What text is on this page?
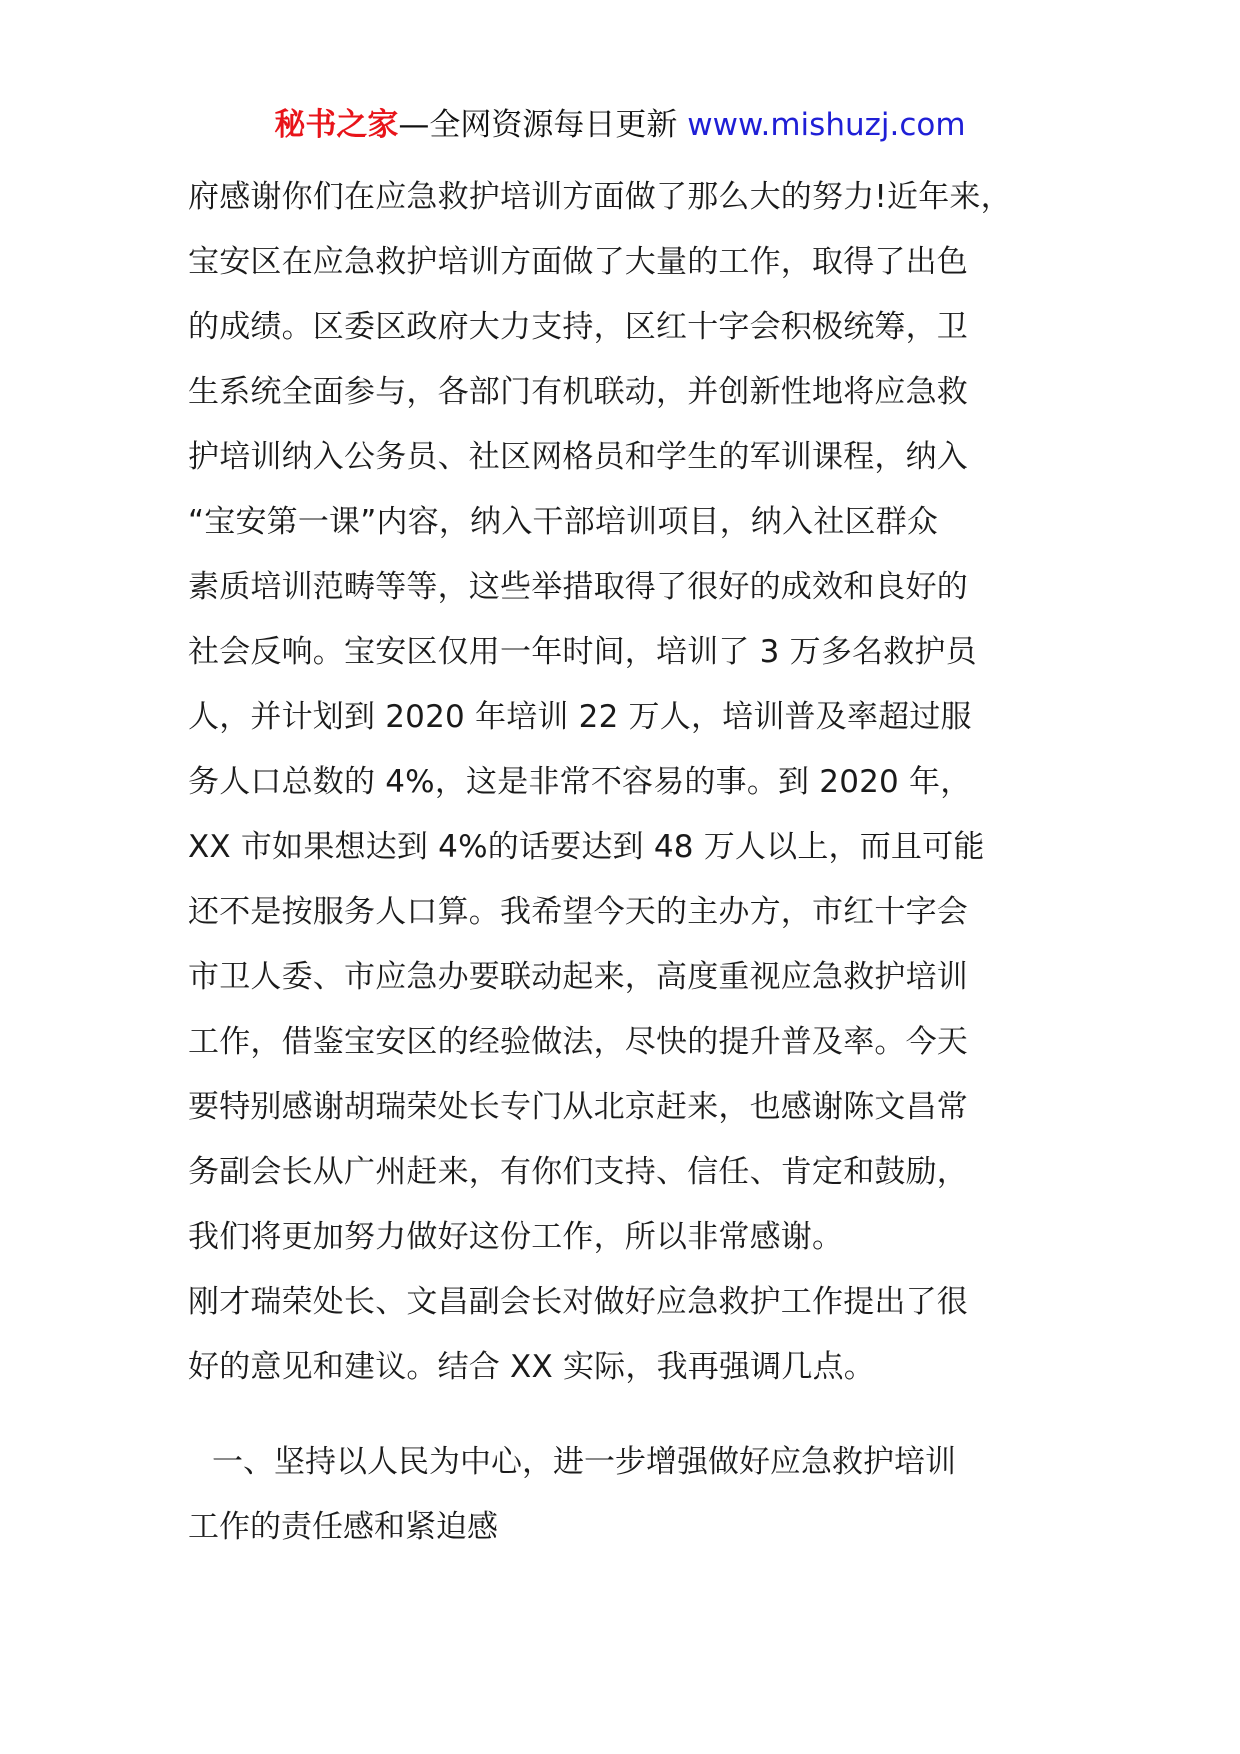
秘书之家—全网资源每日更新 www.mishuzj.com
府感谢你们在应急救护培训方面做了那么大的努力!近年来，
宝安区在应急救护培训方面做了大量的工作，取得了出色
的成绩。区委区政府大力支持，区红十字会积极统筹，卫
生系统全面参与，各部门有机联动，并创新性地将应急救
护培训纳入公务员、社区网格员和学生的军训课程，纳入
“宝安第一课”内容，纳入干部培训项目，纳入社区群众
素质培训范畴等等，这些举措取得了很好的成效和良好的
社会反响。宝安区仅用一年时间，培训了 3 万多名救护员
人，并计划到 2020 年培训 22 万人，培训普及率超过服
务人口总数的 4%，这是非常不容易的事。到 2020 年，
XX 市如果想达到 4%的话要达到 48 万人以上，而且可能
还不是按服务人口算。我希望今天的主办方，市红十字会
市卫人委、市应急办要联动起来，高度重视应急救护培训
工作，借鉴宝安区的经验做法，尽快的提升普及率。今天
要特别感谢胡瑞荣处长专门从北京赶来，也感谢陈文昌常
务副会长从广州赶来，有你们支持、信任、肯定和鼓励，
我们将更加努力做好这份工作，所以非常感谢。
刚才瑞荣处长、文昌副会长对做好应急救护工作提出了很
好的意见和建议。结合 XX 实际，我再强调几点。
一、坚持以人民为中心，进一步增强做好应急救护培训
工作的责任感和紧迫感
